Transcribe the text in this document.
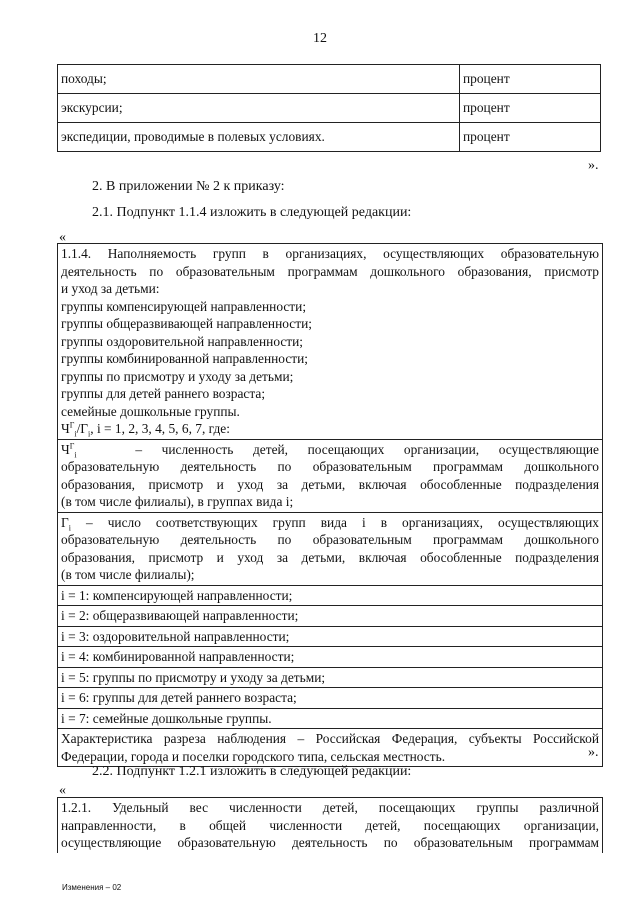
12
походы;	процент
экскурсии;	процент
экспедиции, проводимые в полевых условиях.	процент
».
2. В приложении № 2 к приказу:
2.1. Подпункт 1.1.4 изложить в следующей редакции:
«
1.1.4. Наполняемость групп в организациях, осуществляющих образовательную
деятельность по образовательным программам дошкольного образования, присмотр
и уход за детьми:
группы компенсирующей направленности;
группы общеразвивающей направленности;
группы оздоровительной направленности;
группы комбинированной направленности;
группы по присмотру и уходу за детьми;
группы для детей раннего возраста;
семейные дошкольные группы.
$Ч^Г_i/Г_i$, i = 1, 2, 3, 4, 5, 6, 7, где:

$Ч^Г_i$	– численность детей, посещающих организации, осуществляющие
образовательную деятельность по образовательным программам дошкольного
образования, присмотр и уход за детьми, включая обособленные подразделения
(в том числе филиалы), в группах вида i;

$Г_i$ – число соответствующих групп вида i в организациях, осуществляющих
образовательную деятельность по образовательным программам дошкольного
образования, присмотр и уход за детьми, включая обособленные подразделения
(в том числе филиалы);

i = 1: компенсирующей направленности;
i = 2: общеразвивающей направленности;
i = 3: оздоровительной направленности;
i = 4: комбинированной направленности;
i = 5: группы по присмотру и уходу за детьми;
i = 6: группы для детей раннего возраста;
i = 7: семейные дошкольные группы.

Характеристика разреза наблюдения – Российская Федерация, субъекты Российской
Федерации, города и поселки городского типа, сельская местность.	».
2.2. Подпункт 1.2.1 изложить в следующей редакции:
«
1.2.1. Удельный вес численности детей, посещающих группы различной
направленности, в общей численности детей, посещающих организации,
осуществляющие образовательную деятельность по образовательным программам
Изменения – 02
